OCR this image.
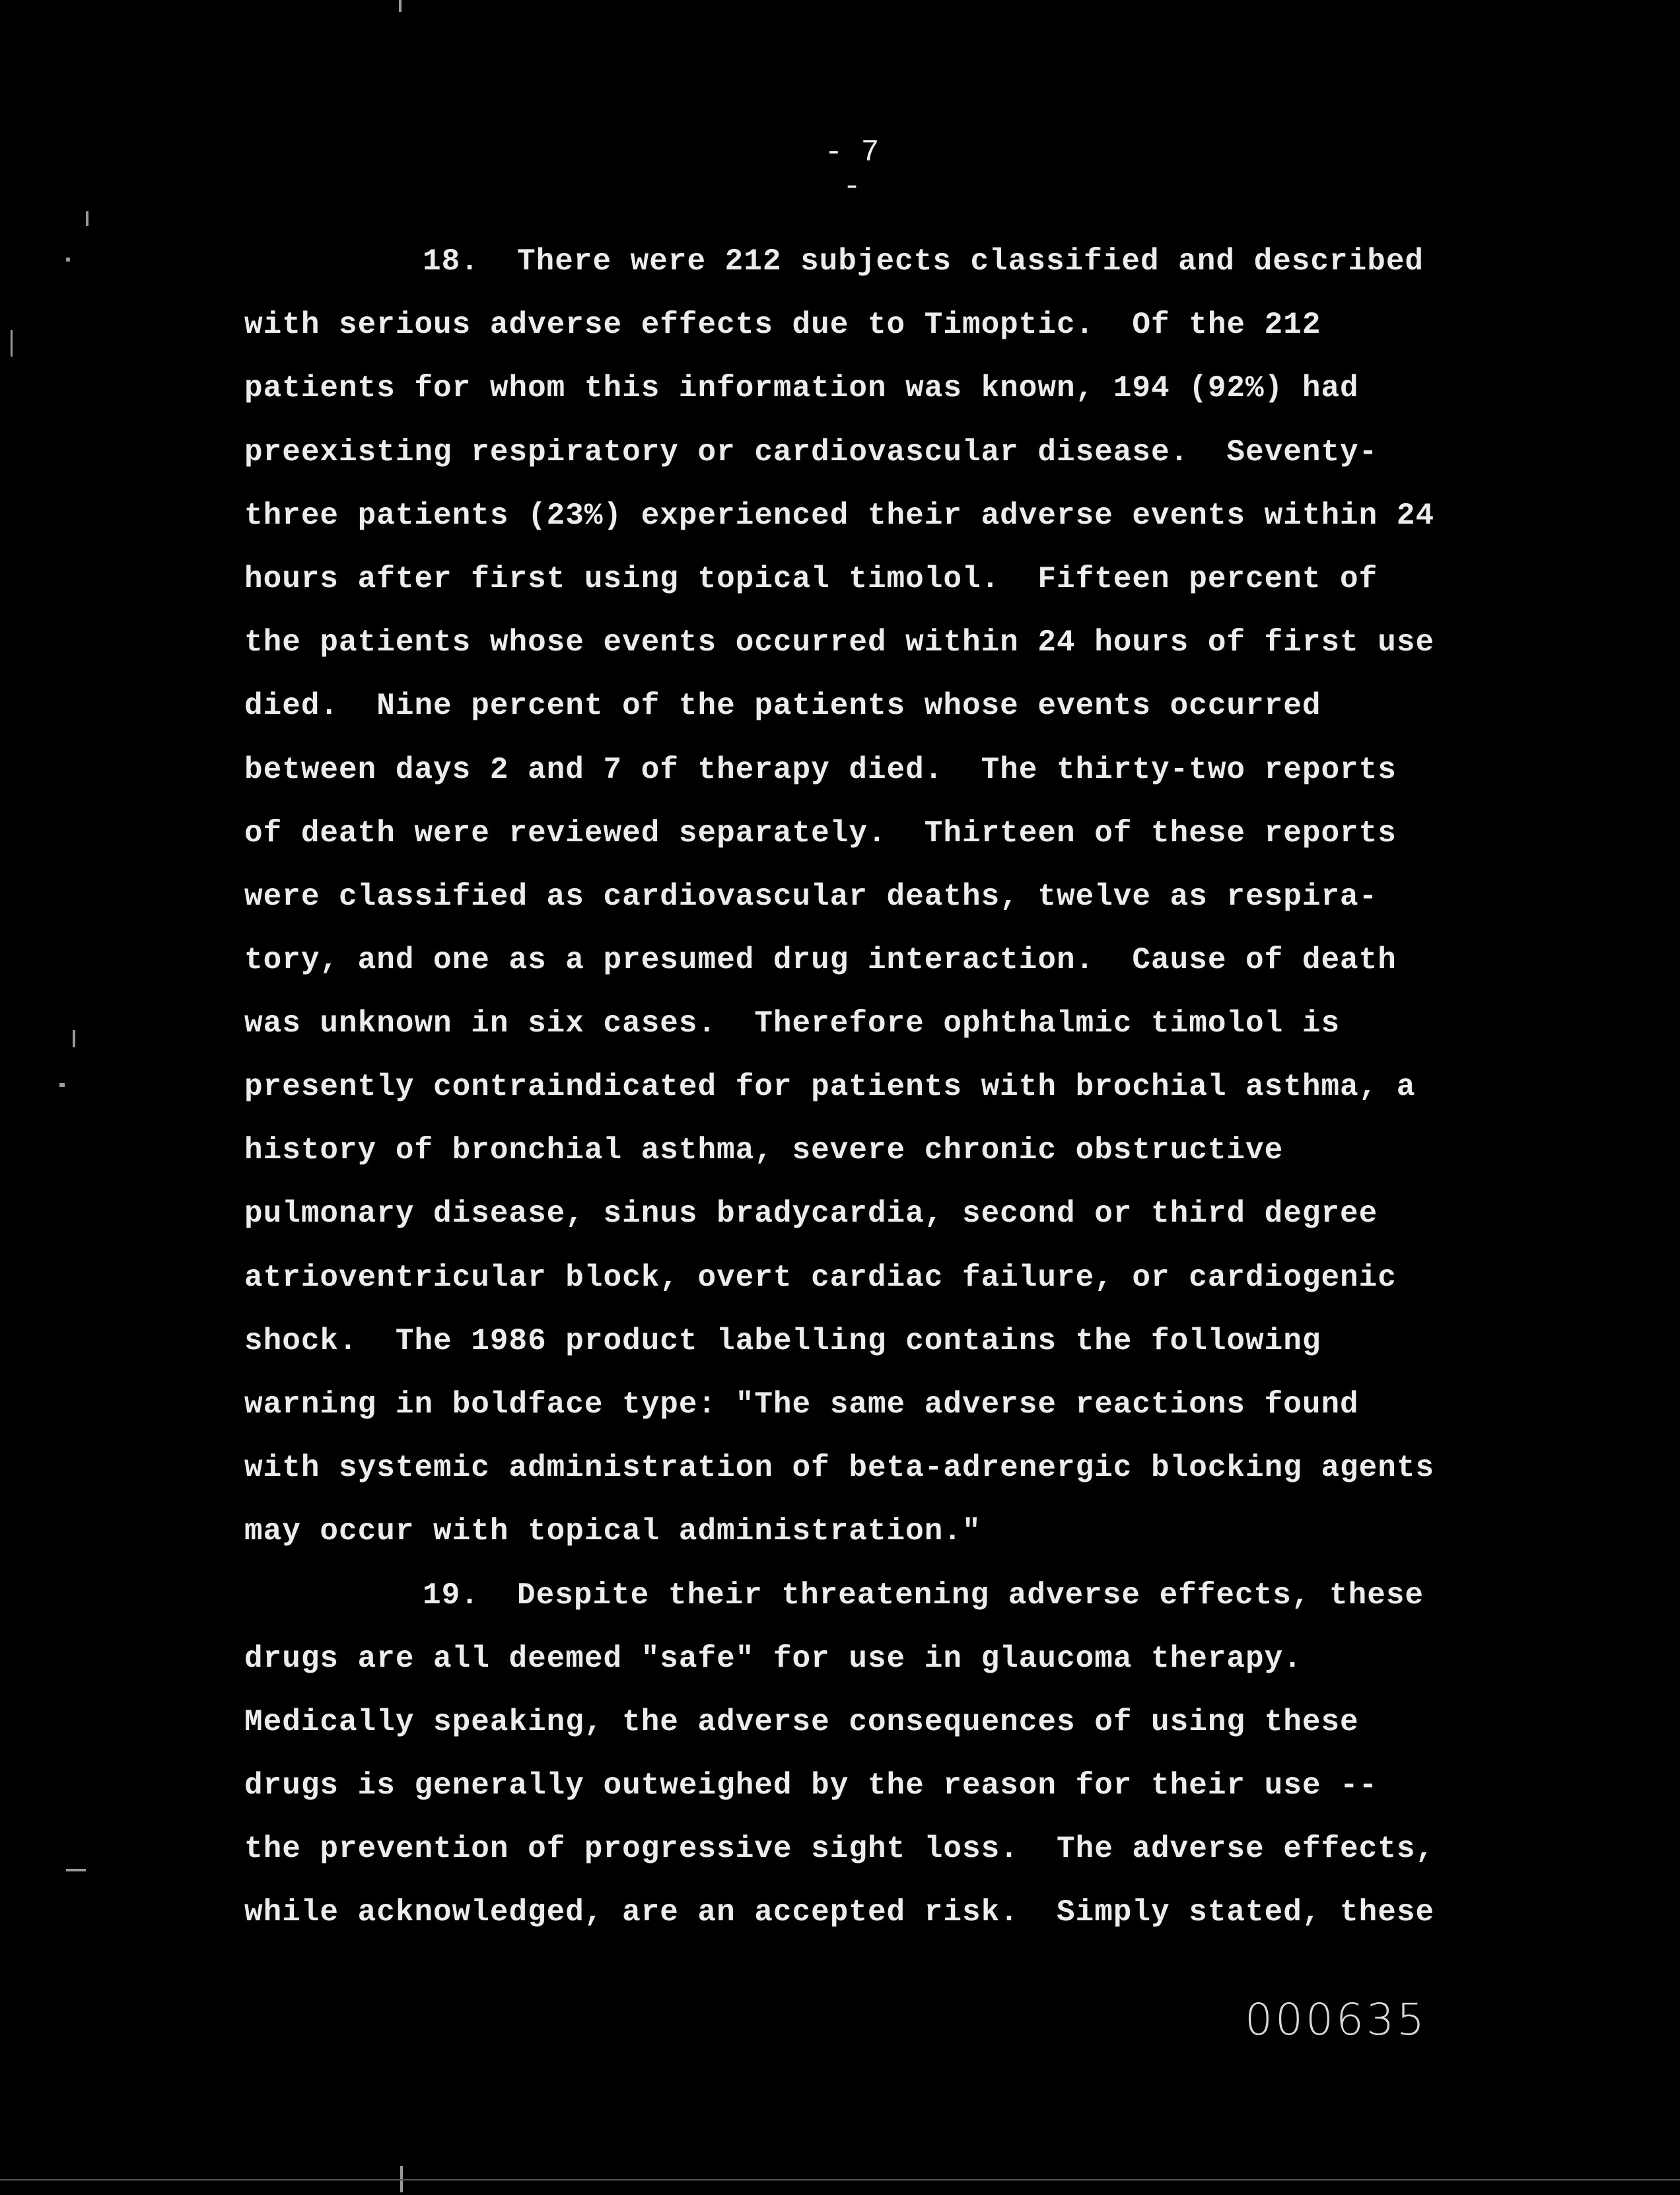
- 7 -
18.  There were 212 subjects classified and described
with serious adverse effects due to Timoptic.  Of the 212
patients for whom this information was known, 194 (92%) had
preexisting respiratory or cardiovascular disease.  Seventy-
three patients (23%) experienced their adverse events within 24
hours after first using topical timolol.  Fifteen percent of
the patients whose events occurred within 24 hours of first use
died.  Nine percent of the patients whose events occurred
between days 2 and 7 of therapy died.  The thirty-two reports
of death were reviewed separately.  Thirteen of these reports
were classified as cardiovascular deaths, twelve as respira-
tory, and one as a presumed drug interaction.  Cause of death
was unknown in six cases.  Therefore ophthalmic timolol is
presently contraindicated for patients with brochial asthma, a
history of bronchial asthma, severe chronic obstructive
pulmonary disease, sinus bradycardia, second or third degree
atrioventricular block, overt cardiac failure, or cardiogenic
shock.  The 1986 product labelling contains the following
warning in boldface type: "The same adverse reactions found
with systemic administration of beta-adrenergic blocking agents
may occur with topical administration."
19.  Despite their threatening adverse effects, these
drugs are all deemed "safe" for use in glaucoma therapy.
Medically speaking, the adverse consequences of using these
drugs is generally outweighed by the reason for their use --
the prevention of progressive sight loss.  The adverse effects,
while acknowledged, are an accepted risk.  Simply stated, these
000635
